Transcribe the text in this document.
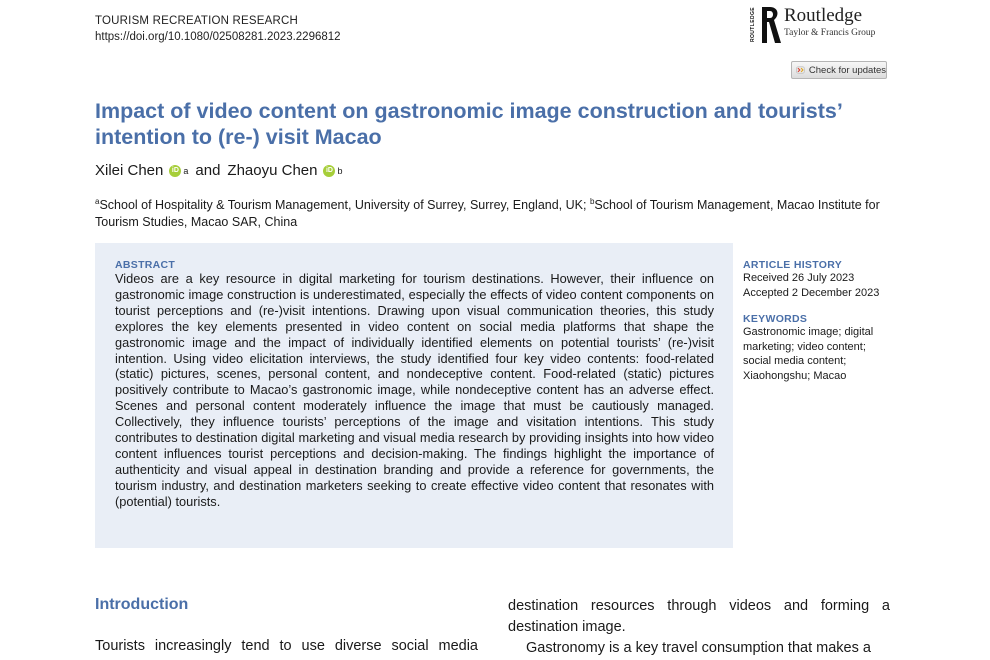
TOURISM RECREATION RESEARCH
https://doi.org/10.1080/02508281.2023.2296812	ROUTLEDGE Routledge
Taylor & Francis Group
Check for updates
Impact of video content on gastronomic image construction and tourists’ intention to (re-) visit Macao
Xilei Chen	iD a and Zhaoyu Chen	iD b
$^a$School of Hospitality & Tourism Management, University of Surrey, Surrey, England, UK; $^b$School of Tourism Management, Macao Institute for Tourism Studies, Macao SAR, China
ABSTRACT
Videos are a key resource in digital marketing for tourism destinations. However, their influence on gastronomic image construction is underestimated, especially the effects of video content components on tourist perceptions and (re-)visit intentions. Drawing upon visual communication theories, this study explores the key elements presented in video content on social media platforms that shape the gastronomic image and the impact of individually identified elements on potential tourists’ (re-)visit intention. Using video elicitation interviews, the study identified four key video contents: food-related (static) pictures, scenes, personal content, and nondeceptive content. Food-related (static) pictures positively contribute to Macao’s gastronomic image, while nondeceptive content has an adverse effect. Scenes and personal content moderately influence the image that must be cautiously managed. Collectively, they influence tourists’ perceptions of the image and visitation intentions. This study contributes to destination digital marketing and visual media research by providing insights into how video content influences tourist perceptions and decision-making. The findings highlight the importance of authenticity and visual appeal in destination branding and provide a reference for governments, the tourism industry, and destination marketers seeking to create effective video content that resonates with (potential) tourists.
ARTICLE HISTORY
Received 26 July 2023
Accepted 2 December 2023
KEYWORDS
Gastronomic image; digital marketing; video content; social media content; Xiaohongshu; Macao
Introduction
Tourists increasingly tend to use diverse social media
destination resources through videos and forming a destination image.
Gastronomy is a key travel consumption that makes a
